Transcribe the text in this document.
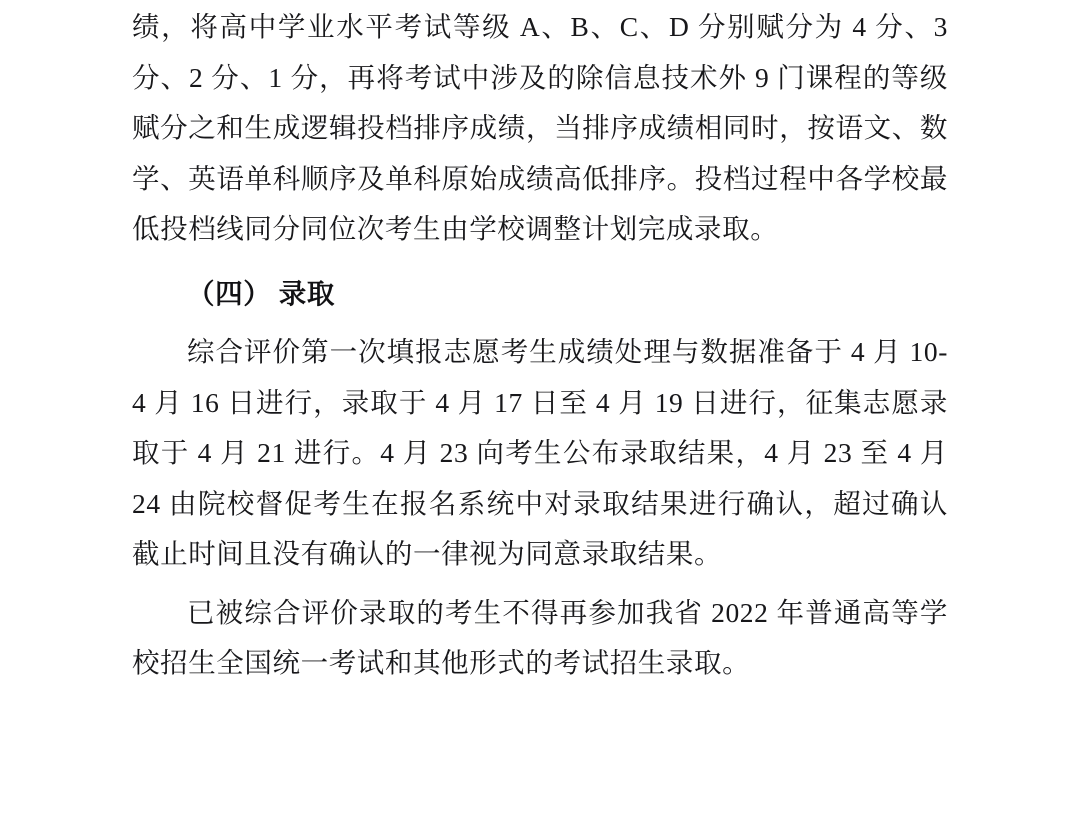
绩，将高中学业水平考试等级 A、B、C、D 分别赋分为 4 分、3 分、2 分、1 分，再将考试中涉及的除信息技术外 9 门课程的等级赋分之和生成逻辑投档排序成绩，当排序成绩相同时，按语文、数学、英语单科顺序及单科原始成绩高低排序。投档过程中各学校最低投档线同分同位次考生由学校调整计划完成录取。

（四） 录取

综合评价第一次填报志愿考生成绩处理与数据准备于 4 月 10-4 月 16 日进行，录取于 4 月 17 日至 4 月 19 日进行，征集志愿录取于 4 月 21 进行。4 月 23 向考生公布录取结果，4 月 23 至 4 月 24 由院校督促考生在报名系统中对录取结果进行确认，超过确认截止时间且没有确认的一律视为同意录取结果。

已被综合评价录取的考生不得再参加我省 2022 年普通高等学校招生全国统一考试和其他形式的考试招生录取。
